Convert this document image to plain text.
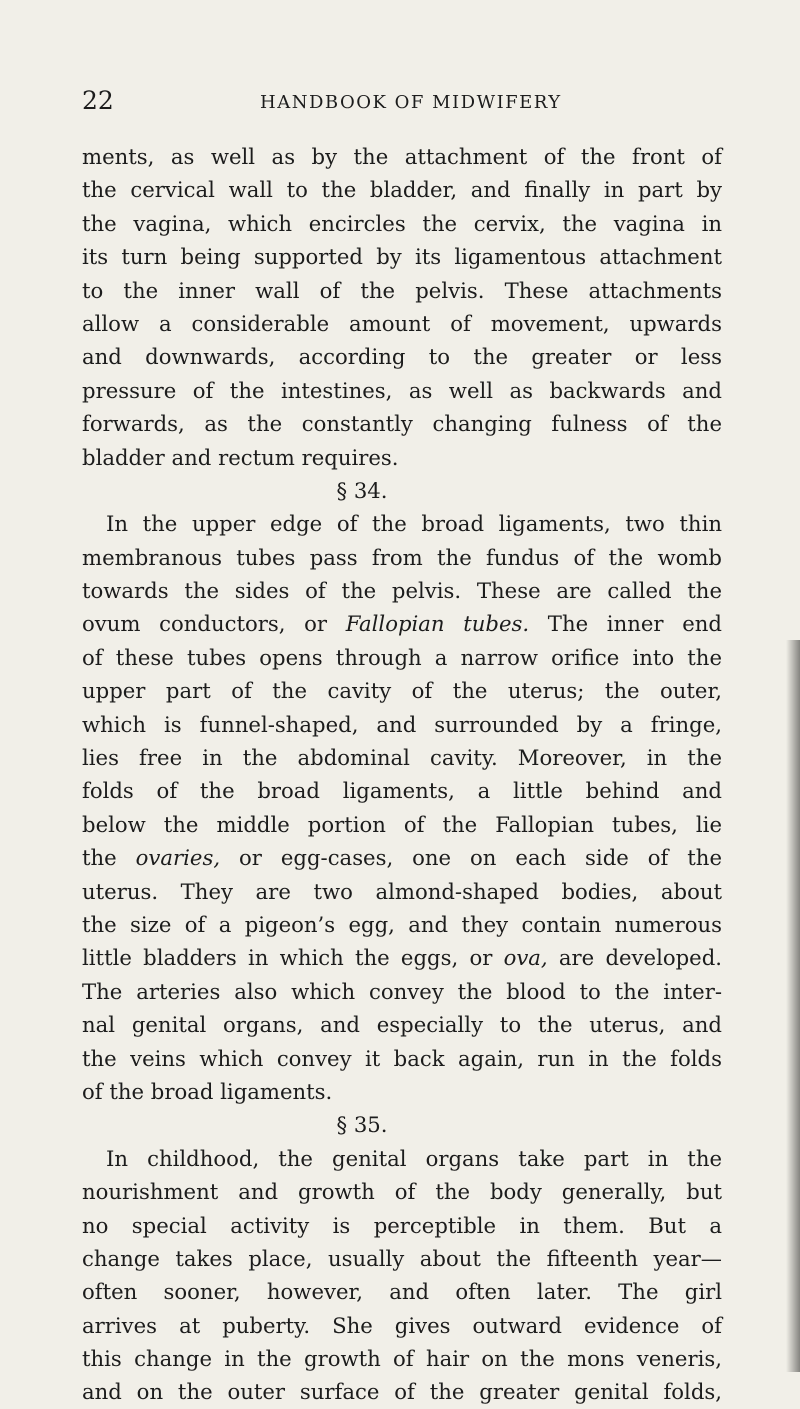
22	HANDBOOK OF MIDWIFERY
ments, as well as by the attachment of the front of
the cervical wall to the bladder, and finally in part by
the vagina, which encircles the cervix, the vagina in
its turn being supported by its ligamentous attachment
to the inner wall of the pelvis. These attachments
allow a considerable amount of movement, upwards
and downwards, according to the greater or less
pressure of the intestines, as well as backwards and
forwards, as the constantly changing fulness of the
bladder and rectum requires.
§ 34.
In the upper edge of the broad ligaments, two thin
membranous tubes pass from the fundus of the womb
towards the sides of the pelvis. These are called the
ovum conductors, or Fallopian tubes. The inner end
of these tubes opens through a narrow orifice into the
upper part of the cavity of the uterus; the outer,
which is funnel-shaped, and surrounded by a fringe,
lies free in the abdominal cavity. Moreover, in the
folds of the broad ligaments, a little behind and
below the middle portion of the Fallopian tubes, lie
the ovaries, or egg-cases, one on each side of the
uterus. They are two almond-shaped bodies, about
the size of a pigeon’s egg, and they contain numerous
little bladders in which the eggs, or ova, are developed.
The arteries also which convey the blood to the inter-
nal genital organs, and especially to the uterus, and
the veins which convey it back again, run in the folds
of the broad ligaments.
§ 35.
In childhood, the genital organs take part in the
nourishment and growth of the body generally, but
no special activity is perceptible in them. But a
change takes place, usually about the fifteenth year—
often sooner, however, and often later. The girl
arrives at puberty. She gives outward evidence of
this change in the growth of hair on the mons veneris,
and on the outer surface of the greater genital folds,
